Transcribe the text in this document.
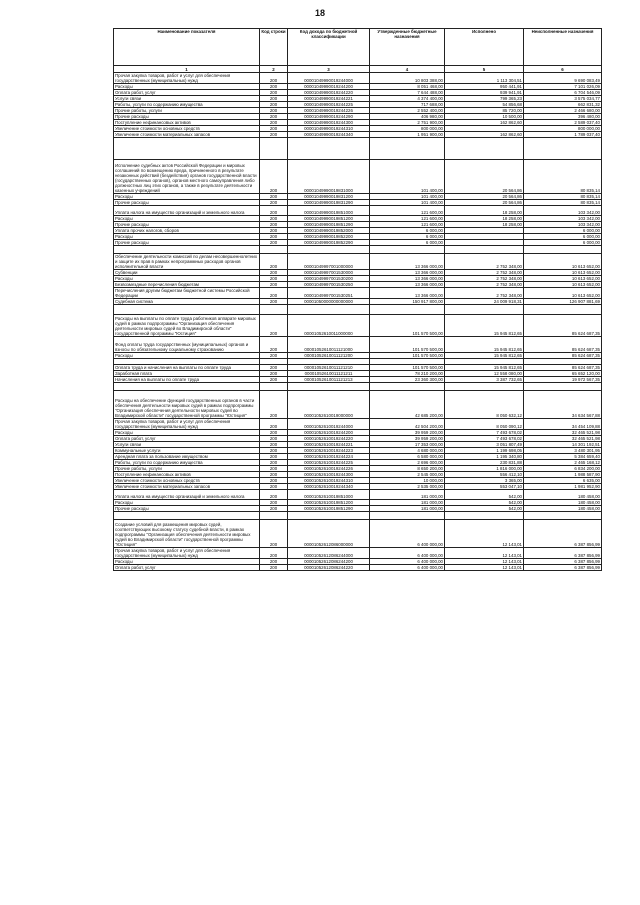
18
Наименование показателя	Код строки	Код дохода по бюджетной классификации	Утвержденные бюджетные назначения	Исполнено	Неисполненные назначения
1	2	3	4	5	6
Прочая закупка товаров, работ и услуг для обеспечения государственных (муниципальных) нужд	200	00001049990019244000	10 803 388,00	1 113 304,51	9 690 083,49
Расходы	200	00001049990019244200	8 051 468,00	950 441,91	7 101 026,09
Оплата работ, услуг	200	00001049990019244220	7 644 488,00	939 941,91	6 704 546,09
Услуги связи	200	00001049990019244221	4 374 400,00	799 365,23	3 575 034,77
Работы, услуги по содержанию имущества	200	00001049990019244225	717 688,00	54 856,68	662 831,32
Прочие работы, услуги	200	00001049990019244226	2 552 400,00	85 720,00	2 466 680,00
Прочие расходы	200	00001049990019244290	406 980,00	10 500,00	396 480,00
Поступление нефинансовых активов	200	00001049990019244300	2 751 900,00	162 862,60	2 589 037,40
Увеличение стоимости основных средств	200	00001049990019244310	800 000,00		800 000,00
Увеличение стоимости материальных запасов	200	00001049990019244340	1 951 900,00	162 862,60	1 789 037,40

Исполнение судебных актов Российской Федерации и мировых соглашений по возмещению вреда, причиненного в результате незаконных действий (бездействия) органов государственной власти (государственных органов), органов местного самоуправления либо должностных лиц этих органов, а также в результате деятельности казенных учреждений	200	00001049990019831000	101 400,00	20 564,86	80 835,14
Расходы	200	00001049990019831200	101 400,00	20 564,86	80 835,14
Прочие расходы	200	00001049990019831290	101 400,00	20 564,86	80 835,14
Уплата налога на имущество организаций и земельного налога	200	00001049990019851000	121 600,00	18 258,00	103 342,00
Расходы	200	00001049990019851200	121 600,00	18 258,00	103 342,00
Прочие расходы	200	00001049990019851290	121 600,00	18 258,00	103 342,00
Уплата прочих налогов, сборов	200	00001049990019852000	6 000,00		6 000,00
Расходы	200	00001049990019852200	6 000,00		6 000,00
Прочие расходы	200	00001049990019852290	6 000,00		6 000,00

Обеспечение деятельности комиссий по делам несовершеннолетних и защите их прав в рамках непрограммных расходов органов исполнительной власти	200	00001049997001000000	13 366 000,00	2 752 348,00	10 613 652,00
Субвенции	200	00001049997001530000	13 366 000,00	2 752 348,00	10 613 652,00
Расходы	200	00001049997001530200	13 366 000,00	2 752 348,00	10 613 652,00
Безвозмездные перечисления бюджетам	200	00001049997001530250	13 366 000,00	2 752 348,00	10 613 652,00
Перечисления другим бюджетам бюджетной системы Российской Федерации	200	00001049997001530251	13 366 000,00	2 752 348,00	10 613 652,00
Судебная система	200	00001050000000000000	150 917 800,00	24 009 918,31	126 907 881,69

Расходы на выплаты по оплате труда работников аппарате мировых судей в рамках подпрограммы "Организация обеспечения деятельности мировых судей во Владимирской области" государственной программы "Юстиция"	200	00001052610011000000	101 570 500,00	15 945 812,65	85 624 687,35
Фонд оплаты труда государственных (муниципальных) органов и взносы по обязательному социальному страхованию	200	00001052610011121000	101 570 500,00	15 945 812,65	85 624 687,35
Расходы	200	00001052610011121200	101 570 500,00	15 945 812,65	85 624 687,35

Оплата труда и начисления на выплаты по оплате труда	200	00001052610011121210	101 570 500,00	15 945 812,65	85 624 687,35
Заработная плата	200	00001052610011121211	78 210 200,00	12 558 080,00	65 652 120,00
Начисления на выплаты по оплате труда	200	00001052610011121213	23 360 300,00	3 387 732,65	19 972 567,35

Расходы на обеспечение функций государственных органов в части обеспечения деятельности мировых судей в рамках подпрограммы "Организация обеспечения деятельности мировых судей во Владимирской области" государственной программы "Юстиция"	200	00001052610019000000	42 685 200,00	8 050 632,12	34 634 567,88
Прочая закупка товаров, работ и услуг для обеспечения государственных (муниципальных) нужд	200	00001052610019244000	42 504 200,00	8 050 090,12	34 454 109,88
Расходы	200	00001052610019244200	39 959 200,00	7 493 678,02	32 465 521,98
Оплата работ, услуг	200	00001052610019244220	39 959 200,00	7 493 678,02	32 465 521,98
Услуги связи	200	00001052610019244221	17 353 000,00	3 051 807,49	14 301 192,51
Коммунальные услуги	200	00001052610019244223	4 680 000,00	1 199 698,05	3 480 301,95
Арендная плата за пользование имуществом	200	00001052610019244224	6 580 000,00	1 195 340,80	5 384 659,40
Работы, услуги по содержанию имущества	200	00001052610019244225	2 696 000,00	230 831,88	2 465 168,12
Прочие работы, услуги	200	00001052610019244226	8 650 200,00	1 816 000,00	6 834 200,00
Поступление нефинансовых активов	200	00001052610019244300	2 545 000,00	556 412,10	1 988 587,90
Увеличение стоимости основных средств	200	00001052610019244310	10 000,00	3 365,00	6 635,00
Увеличение стоимости материальных запасов	200	00001052610019244340	2 535 000,00	553 047,10	1 981 952,90
Уплата налога на имущество организаций и земельного налога	200	00001052610019851000	181 000,00	542,00	180 458,00
Расходы	200	00001052610019851200	181 000,00	542,00	180 458,00
Прочие расходы	200	00001052610019851290	181 000,00	542,00	180 458,00

Создание условий для размещения мировых судей, соответствующих высокому статусу судебной власти, в рамках подпрограммы "Организация обеспечения деятельности мировых судей во Владимирской области" государственной программы "Юстиция"	200	00001052612086000000	6 400 000,00	12 143,01	6 387 856,99
Прочая закупка товаров, работ и услуг для обеспечения государственных (муниципальных) нужд	200	00001052612086244000	6 400 000,00	12 143,01	6 387 856,99
Расходы	200	00001052612086244200	6 400 000,00	12 143,01	6 387 856,99
Оплата работ, услуг	200	00001052612086244220	6 400 000,00	12 143,01	6 387 856,99
